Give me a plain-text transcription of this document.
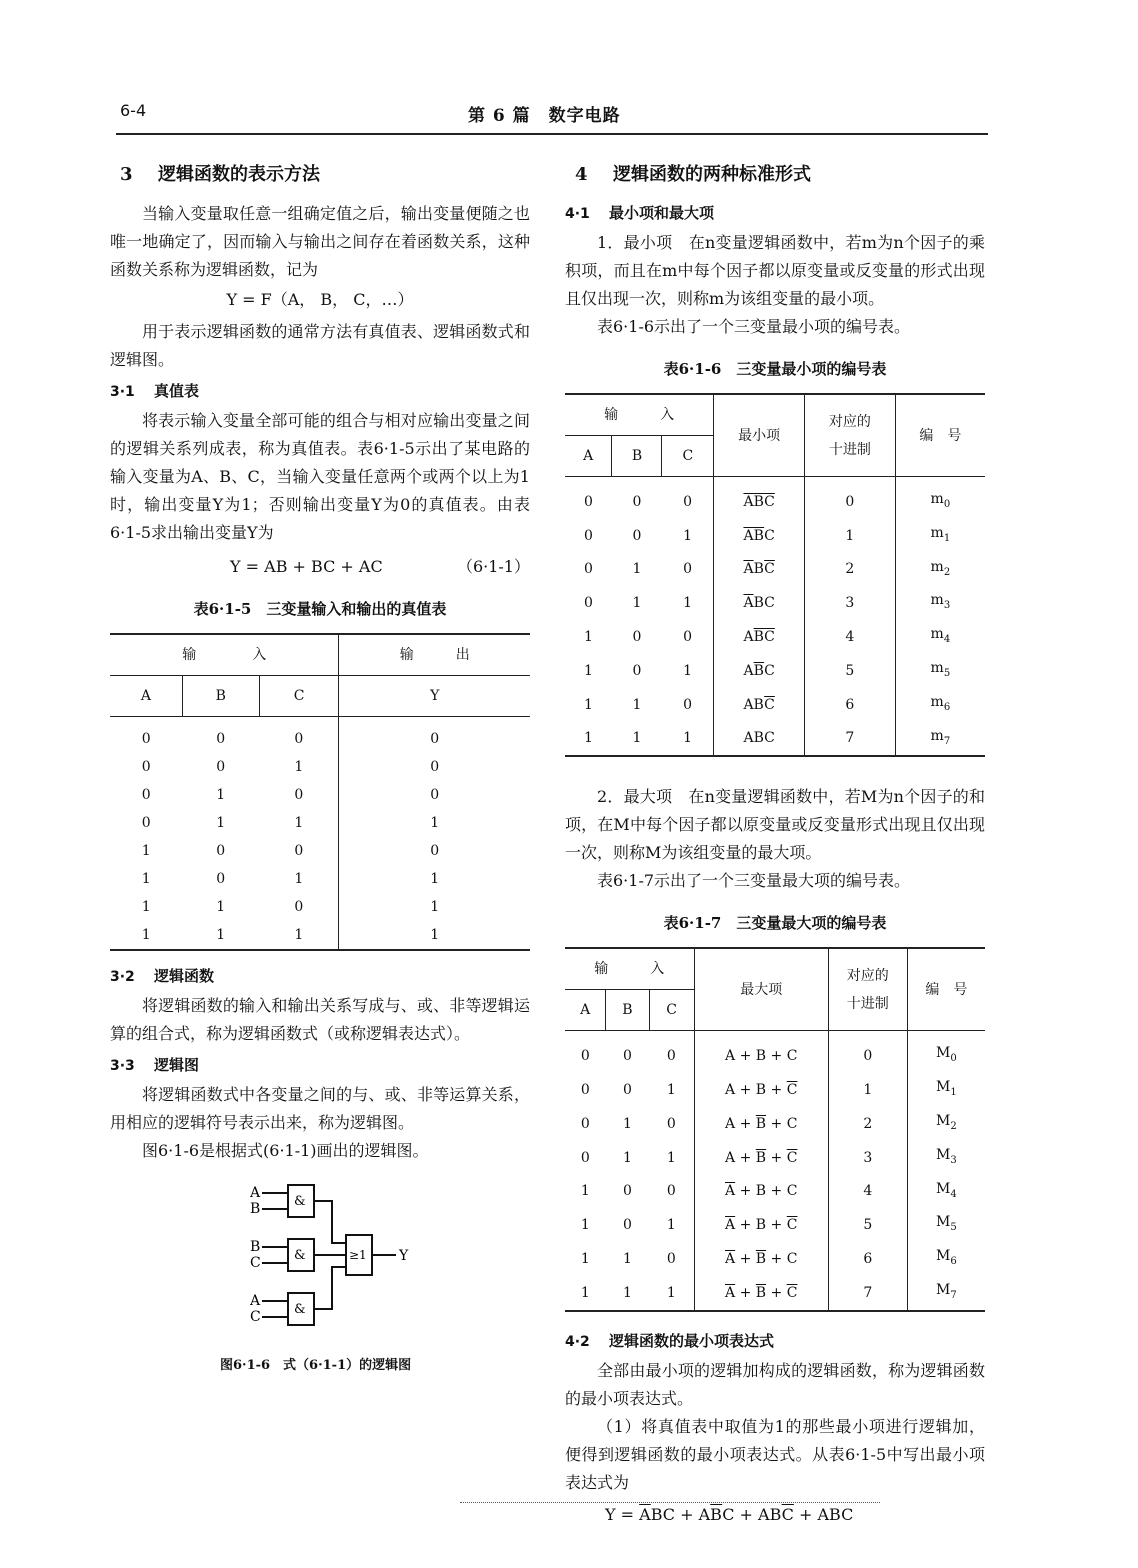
6-4	第 6 篇　数字电路
3 逻辑函数的表示方法

当输入变量取任意一组确定值之后，输出变量便随之也唯一地确定了，因而输入与输出之间存在着函数关系，这种函数关系称为逻辑函数，记为

Y = F（A， B， C，…）

用于表示逻辑函数的通常方法有真值表、逻辑函数式和逻辑图。

3·1 真值表

将表示输入变量全部可能的组合与相对应输出变量之间的逻辑关系列成表，称为真值表。表6·1-5示出了某电路的输入变量为A、B、C，当输入变量任意两个或两个以上为1时，输出变量Y为1；否则输出变量Y为0的真值表。由表6·1-5求出输出变量Y为

Y = AB + BC + AC	（6·1-1）
表6·1-5　三变量输入和输出的真值表
输　　　　入			输　　　出
A	B	C	Y
0	0	0	0
0	0	1	0
0	1	0	0
0	1	1	1
1	0	0	0
1	0	1	1
1	1	0	1
1	1	1	1
3·2 逻辑函数

将逻辑函数的输入和输出关系写成与、或、非等逻辑运算的组合式，称为逻辑函数式（或称逻辑表达式）。

3·3 逻辑图

将逻辑函数式中各变量之间的与、或、非等运算关系，用相应的逻辑符号表示出来，称为逻辑图。

图6·1-6是根据式(6·1-1)画出的逻辑图。

A
B
B
C
A
C
&
&
&
≥1 Y
图6·1-6　式（6·1-1）的逻辑图
4 逻辑函数的两种标准形式
4·1 最小项和最大项

1．最小项　在n变量逻辑函数中，若m为n个因子的乘积项，而且在m中每个因子都以原变量或反变量的形式出现且仅出现一次，则称m为该组变量的最小项。

表6·1-6示出了一个三变量最小项的编号表。

表6·1-6　三变量最小项的编号表
输　　　入			最小项	对应的
十进制	编　号
A	B	C			
0	0	0	$\overline{A}\overline{B}\overline{C}$	0	$m_0$
0	0	1	$\overline{A}\overline{B}C$	1	$m_1$
0	1	0	$\overline{A}B\overline{C}$	2	$m_2$
0	1	1	$\overline{A}BC$	3	$m_3$
1	0	0	$A\overline{B}\overline{C}$	4	$m_4$
1	0	1	$A\overline{B}C$	5	$m_5$
1	1	0	$AB\overline{C}$	6	$m_6$
1	1	1	ABC	7	$m_7$

2．最大项　在n变量逻辑函数中，若M为n个因子的和项，在M中每个因子都以原变量或反变量形式出现且仅出现一次，则称M为该组变量的最大项。

表6·1-7示出了一个三变量最大项的编号表。

表6·1-7　三变量最大项的编号表
输　　　入			最大项	对应的
十进制	编　号
A	B	C			
0	0	0	A + B + C	0	$M_0$
0	0	1	$A + B + \overline{C}$	1	$M_1$
0	1	0	$A + \overline{B} + C$	2	$M_2$
0	1	1	$A + \overline{B} + \overline{C}$	3	$M_3$
1	0	0	$\overline{A} + B + C$	4	$M_4$
1	0	1	$\overline{A} + B + \overline{C}$	5	$M_5$
1	1	0	$\overline{A} + \overline{B} + C$	6	$M_6$
1	1	1	$\overline{A} + \overline{B} + \overline{C}$	7	$M_7$
4·2 逻辑函数的最小项表达式

全部由最小项的逻辑加构成的逻辑函数，称为逻辑函数的最小项表达式。

（1）将真值表中取值为1的那些最小项进行逻辑加，便得到逻辑函数的最小项表达式。从表6·1-5中写出最小项表达式为

$Y = \overline{A}BC + A\overline{B}C + AB\overline{C}$ + ABC
